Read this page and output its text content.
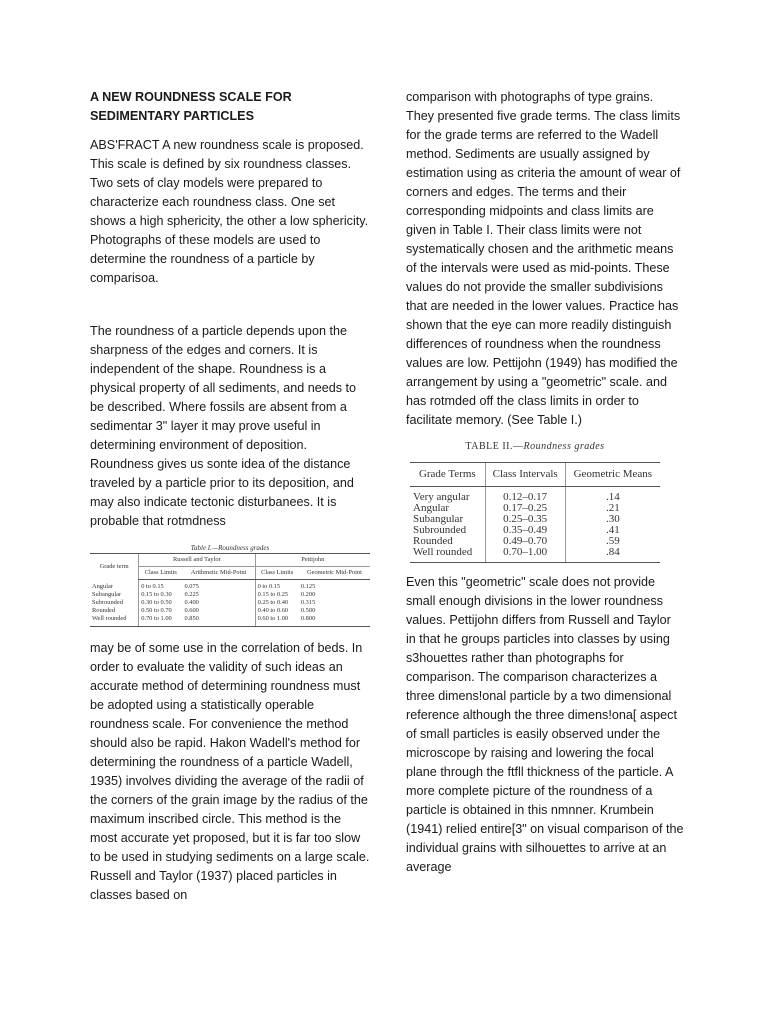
A NEW ROUNDNESS SCALE FOR SEDIMENTARY PARTICLES

ABS'FRACT A new roundness scale is proposed. This scale is defined by six roundness classes. Two sets of clay models were prepared to characterize each roundness class. One set shows a high sphericity, the other a low sphericity. Photographs of these models are used to determine the roundness of a particle by comparisoa.

The roundness of a particle depends upon the sharpness of the edges and corners. It is independent of the shape. Roundness is a physical property of all sediments, and needs to be described. Where fossils are absent from a sedimentar 3" layer it may prove useful in determining environment of deposition. Roundness gives us sonte idea of the distance traveled by a particle prior to its deposition, and may also indicate tectonic disturbanees. It is probable that rotmdness

Table I.—Roundness grades
Grade term	Russell and Taylor		Pettijohn	
	Class Limits	Arithmetic Mid-Point	Class Limits	Geometric Mid-Point
Angular	0 to 0.15	0.075	0 to 0.15	0.125
Subangular	0.15 to 0.30	0.225	0.15 to 0.25	0.200
Subrounded	0.30 to 0.50	0.400	0.25 to 0.40	0.315
Rounded	0.50 to 0.70	0.600	0.40 to 0.60	0.500
Well rounded	0.70 to 1.00	0.850	0.60 to 1.00	0.800

may be of some use in the correlation of beds. In order to evaluate the validity of such ideas an accurate method of determining roundness must be adopted using a statistically operable roundness scale. For convenience the method should also be rapid. Hakon Wadell's method for determining the roundness of a particle Wadell, 1935) involves dividing the average of the radii of the corners of the grain image by the radius of the maximum inscribed circle. This method is the most accurate yet proposed, but it is far too slow to be used in studying sediments on a large scale. Russell and Taylor (1937) placed particles in classes based on

comparison with photographs of type grains. They presented five grade terms. The class limits for the grade terms are referred to the Wadell method. Sediments are usually assigned by estimation using as criteria the amount of wear of corners and edges. The terms and their corresponding midpoints and class limits are given in Table I. Their class limits were not systematically chosen and the arithmetic means of the intervals were used as mid-points. These values do not provide the smaller subdivisions that are needed in the lower values. Practice has shown that the eye can more readily distinguish differences of roundness when the roundness values are low. Pettijohn (1949) has modified the arrangement by using a "geometric" scale. and has rotmded off the class limits in order to facilitate memory. (See Table I.)

TABLE II.—Roundness grades
Grade Terms	Class Intervals	Geometric Means
Very angular	0.12–0.17	.14
Angular	0.17–0.25	.21
Subangular	0.25–0.35	.30
Subrounded	0.35–0.49	.41
Rounded	0.49–0.70	.59
Well rounded	0.70–1.00	.84

Even this "geometric" scale does not provide small enough divisions in the lower roundness values. Pettijohn differs from Russell and Taylor in that he groups particles into classes by using s3houettes rather than photographs for comparison. The comparison characterizes a three dimens!onal particle by a two dimensional reference although the three dimens!ona[ aspect of small particles is easily observed under the microscope by raising and lowering the focal plane through the ftfll thickness of the particle. A more complete picture of the roundness of a particle is obtained in this nmnner. Krumbein (1941) relied entire[3" on visual comparison of the individual grains with silhouettes to arrive at an average
